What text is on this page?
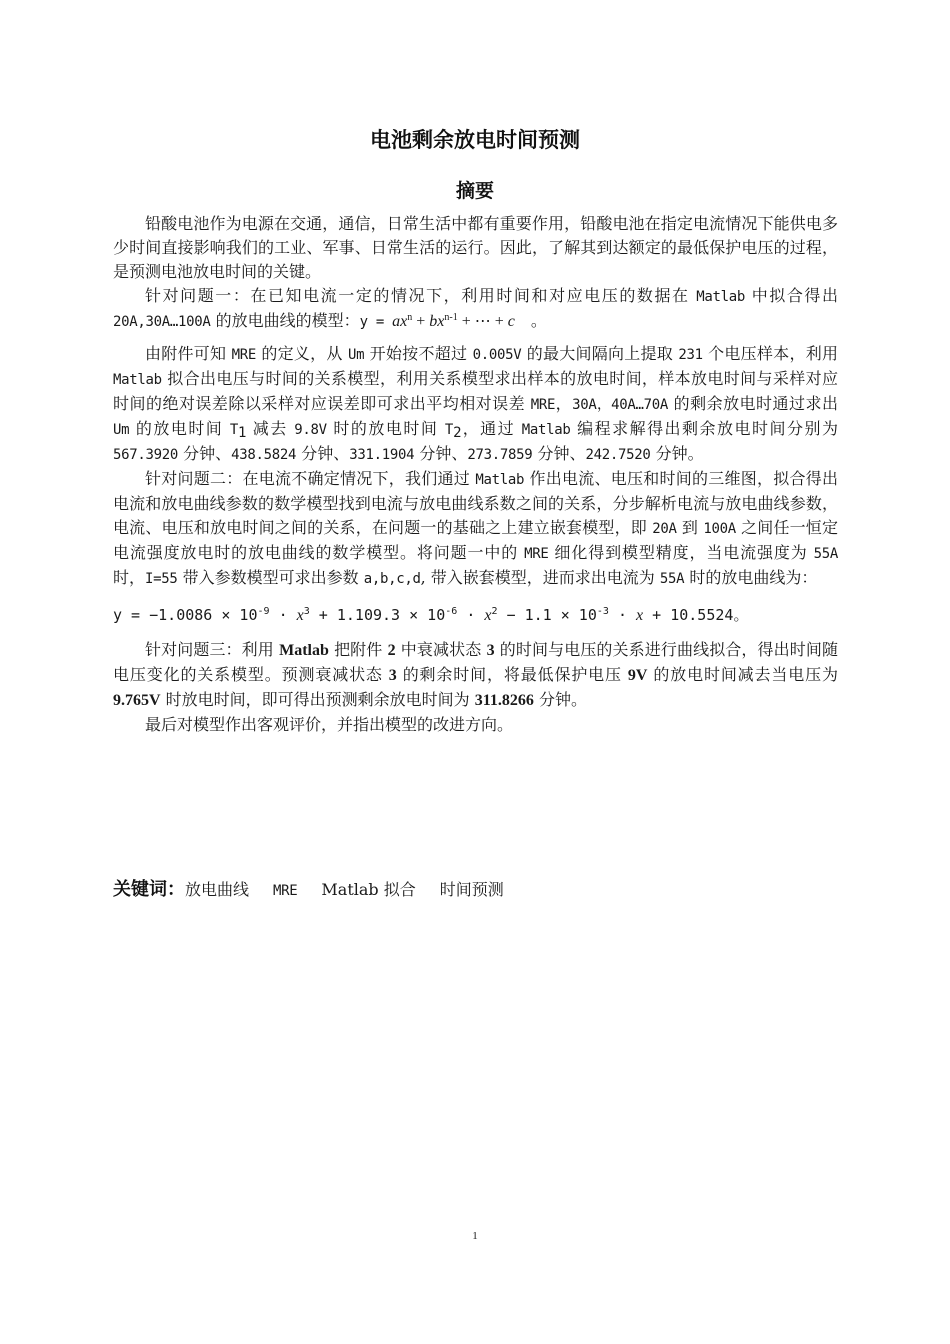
电池剩余放电时间预测
摘要

铅酸电池作为电源在交通，通信，日常生活中都有重要作用，铅酸电池在指定电流情况下能供电多少时间直接影响我们的工业、军事、日常生活的运行。因此，了解其到达额定的最低保护电压的过程，是预测电池放电时间的关键。

针对问题一：在已知电流一定的情况下，利用时间和对应电压的数据在 Matlab 中拟合得出 20A,30A…100A 的放电曲线的模型：$y = ax^n + bx^{n-1}$ + ⋯ + c　。

由附件可知 MRE 的定义，从 Um 开始按不超过 0.005V 的最大间隔向上提取 231 个电压样本，利用 Matlab 拟合出电压与时间的关系模型，利用关系模型求出样本的放电时间，样本放电时间与采样对应时间的绝对误差除以采样对应误差即可求出平均相对误差 MRE，30A，40A…70A 的剩余放电时通过求出 Um 的放电时间 $T_1$ 减去 9.8V 时的放电时间 $T_2$，通过 Matlab 编程求解得出剩余放电时间分别为 567.3920 分钟、438.5824 分钟、331.1904 分钟、273.7859 分钟、242.7520 分钟。

针对问题二：在电流不确定情况下，我们通过 Matlab 作出电流、电压和时间的三维图，拟合得出电流和放电曲线参数的数学模型找到电流与放电曲线系数之间的关系，分步解析电流与放电曲线参数，电流、电压和放电时间之间的关系，在问题一的基础之上建立嵌套模型，即 20A 到 100A 之间任一恒定电流强度放电时的放电曲线的数学模型。将问题一中的 MRE 细化得到模型精度，当电流强度为 55A 时，I=55 带入参数模型可求出参数 a,b,c,d, 带入嵌套模型，进而求出电流为 55A 时的放电曲线为：

$y = -1.0086 \times 10^{-9} \cdot x^3 + 1.109.3 \times 10^{-6} \cdot x^2 - 1.1 \times 10^{-3} \cdot x + 10.5524$。

针对问题三：利用 Matlab 把附件 2 中衰减状态 3 的时间与电压的关系进行曲线拟合，得出时间随电压变化的关系模型。预测衰减状态 3 的剩余时间，将最低保护电压 9V 的放电时间减去当电压为 9.765V 时放电时间，即可得出预测剩余放电时间为 311.8266 分钟。

最后对模型作出客观评价，并指出模型的改进方向。

关键词：放电曲线 MRE Matlab 拟合 时间预测
1
